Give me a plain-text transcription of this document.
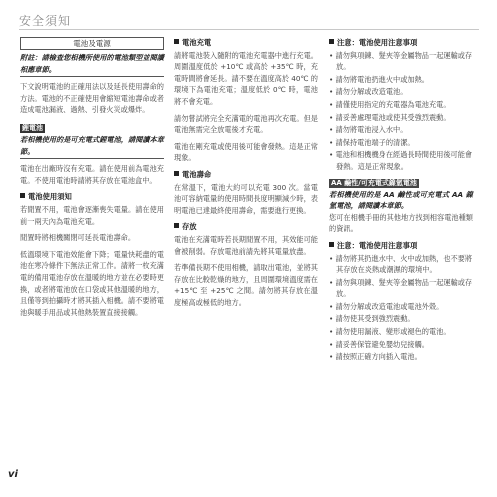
安全須知
電池及電源

附註：請檢查您相機所使用的電池類型並閱讀相應章節。

下文說明電池的正確用法以及延長使用壽命的方法。電池的不正確使用會縮短電池壽命或者造成電池漏液、過熱、引發火災或爆炸。

鋰電池

若相機使用的是可充電式鋰電池，請閱讀本章節。

電池在出廠時沒有充電。請在使用前為電池充電。不使用電池時請將其存放在電池盒中。

電池使用須知

若閒置不用，電池會逐漸喪失電量。請在使用前一兩天內為電池充電。

閒置時將相機關閉可延長電池壽命。

低溫環境下電池效能會下降；電量快耗盡的電池在寒冷條件下無法正常工作。請將一枚充滿電的備用電池存放在溫暖的地方並在必要時更換，或者將電池放在口袋或其他溫暖的地方，且僅等到拍攝時才將其插入相機。請不要將電池與暖手用品或其他熱裝置直接接觸。

電池充電

請將電池裝入隨附的電池充電器中進行充電。周圍溫度低於 +10℃ 或高於 +35℃ 時，充電時間將會延長。請不要在溫度高於 40℃ 的環境下為電池充電；溫度低於 0℃ 時，電池將不會充電。

請勿嘗試將完全充滿電的電池再次充電。但是電池無需完全放電後才充電。

電池在剛充電或使用後可能會發熱。這是正常現象。

電池壽命

在常溫下，電池大約可以充電 300 次。當電池可容納電量的使用時間長度明顯減少時，表明電池已達最終使用壽命，需要進行更換。

存放

電池在充滿電時若長期閒置不用，其效能可能會被削弱。存放電池前請先將其電量放盡。

若準備長期不使用相機，請取出電池，並將其存放在比較乾燥的地方，且周圍環境溫度需在 +15℃ 至 +25℃ 之間。請勿將其存放在溫度極高或極低的地方。

注意：電池使用注意事項
• 請勿與項鍊、髮夾等金屬物品一起運輸或存放。
• 請勿將電池扔進火中或加熱。
• 請勿分解或改造電池。
• 請僅使用指定的充電器為電池充電。
• 請妥善處理電池或使其受強烈震動。
• 請勿將電池浸入水中。
• 請保持電池端子的清潔。
• 電池和相機機身在經過長時間使用後可能會發熱。這是正常現象。
AA 鹼性/可充電式鎳氫電池

若相機使用的是 AA 鹼性或可充電式 AA 鎳氫電池，請閱讀本章節。

您可在相機手冊的其他地方找到相容電池種類的資訊。

注意：電池使用注意事項
• 請勿將其扔進水中、火中或加熱，也不要將其存放在炎熱或潮濕的環境中。
• 請勿與項鍊、髮夾等金屬物品一起運輸或存放。
• 請勿分解或改造電池或電池外殼。
• 請勿使其受到強烈震動。
• 請勿使用漏液、變形或褪色的電池。
• 請妥善保管避免嬰幼兒接觸。
• 請按照正確方向插入電池。
vi
